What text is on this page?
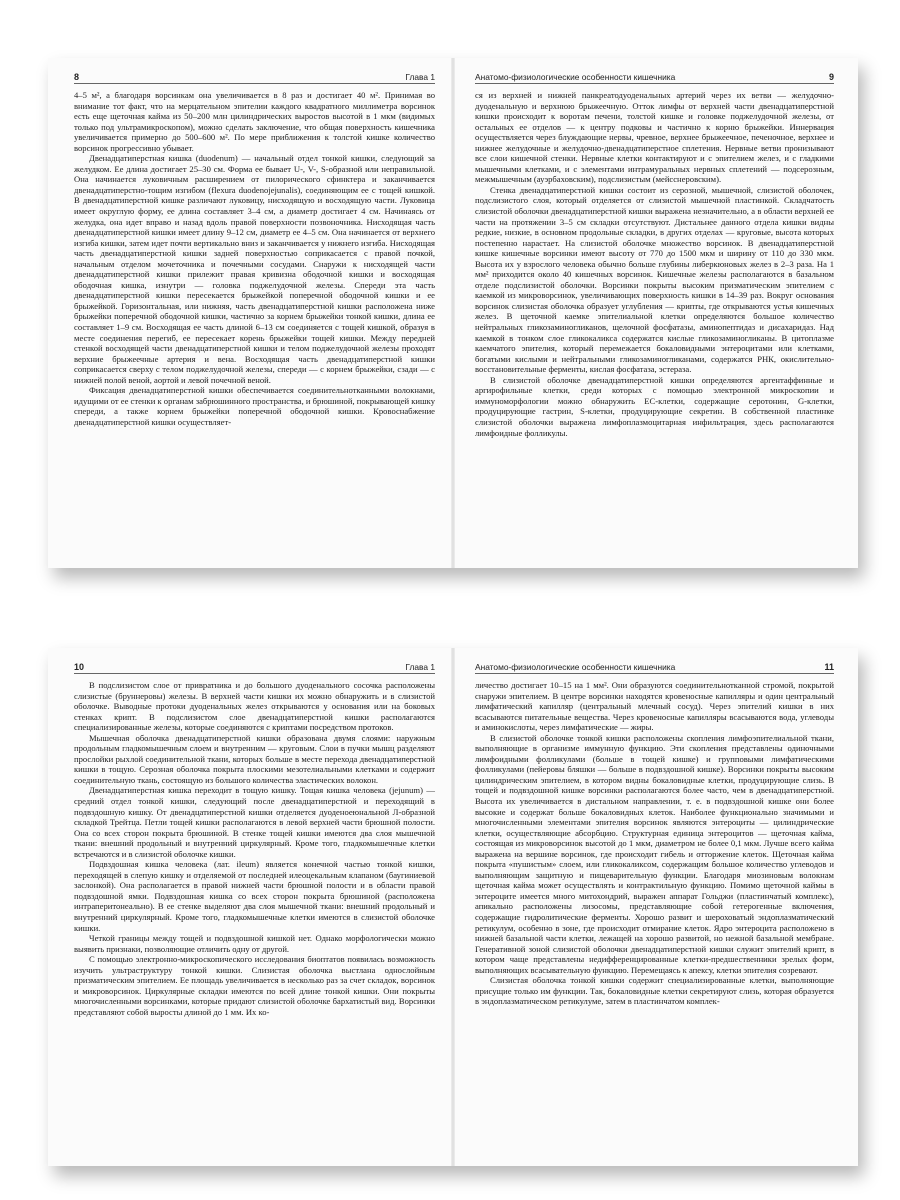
8	Глава 1

4–5 м², а благодаря ворсинкам она увеличивается в 8 раз и достигает 40 м². Принимая во внимание тот факт, что на мерцательном эпителии каждого квадратного миллиметра ворсинок есть еще щеточная кайма из 50–200 млн цилиндрических выростов высотой в 1 мкм (видимых только под ультрамикроскопом), можно сделать заключение, что общая поверхность кишечника увеличивается примерно до 500–600 м². По мере приближения к толстой кишке количество ворсинок прогрессивно убывает.

Двенадцатиперстная кишка (duodenum) — начальный отдел тонкой кишки, следующий за желудком. Ее длина достигает 25–30 см. Форма ее бывает U-, V-, S-образной или неправильной. Она начинается луковичным расширением от пилорического сфинктера и заканчивается двенадцатиперстно-тощим изгибом (flexura duodenojejunalis), соединяющим ее с тощей кишкой. В двенадцатиперстной кишке различают луковицу, нисходящую и восходящую части. Луковица имеет округлую форму, ее длина составляет 3–4 см, а диаметр достигает 4 см. Начинаясь от желудка, она идет вправо и назад вдоль правой поверхности позвоночника. Нисходящая часть двенадцатиперстной кишки имеет длину 9–12 см, диаметр ее 4–5 см. Она начинается от верхнего изгиба кишки, затем идет почти вертикально вниз и заканчивается у нижнего изгиба. Нисходящая часть двенадцатиперстной кишки задней поверхностью соприкасается с правой почкой, начальным отделом мочеточника и почечными сосудами. Снаружи к нисходящей части двенадцатиперстной кишки прилежит правая кривизна ободочной кишки и восходящая ободочная кишка, изнутри — головка поджелудочной железы. Спереди эта часть двенадцатиперстной кишки пересекается брыжейкой поперечной ободочной кишки и ее брыжейкой. Горизонтальная, или нижняя, часть двенадцатиперстной кишки расположена ниже брыжейки поперечной ободочной кишки, частично за корнем брыжейки тонкой кишки, длина ее составляет 1–9 см. Восходящая ее часть длиной 6–13 см соединяется с тощей кишкой, образуя в месте соединения перегиб, ее пересекает корень брыжейки тощей кишки. Между передней стенкой восходящей части двенадцатиперстной кишки и телом поджелудочной железы проходят верхние брыжеечные артерия и вена. Восходящая часть двенадцатиперстной кишки соприкасается сверху с телом поджелудочной железы, спереди — с корнем брыжейки, сзади — с нижней полой веной, аортой и левой почечной веной.

Фиксация двенадцатиперстной кишки обеспечивается соединительнотканными волокнами, идущими от ее стенки к органам забрюшинного пространства, и брюшиной, покрывающей кишку спереди, а также корнем брыжейки поперечной ободочной кишки. Кровоснабжение двенадцатиперстной кишки осуществляет-

Анатомо-физиологические особенности кишечника	9

ся из верхней и нижней панкреатодуоденальных артерий через их ветви — желудочно-дуоденальную и верхнюю брыжеечную. Отток лимфы от верхней части двенадцатиперстной кишки происходит к воротам печени, толстой кишке и головке поджелудочной железы, от остальных ее отделов — к центру подковы и частично к корню брыжейки. Иннервация осуществляется через блуждающие нервы, чревное, верхнее брыжеечное, печеночное, верхнее и нижнее желудочные и желудочно-двенадцатиперстное сплетения. Нервные ветви пронизывают все слои кишечной стенки. Нервные клетки контактируют и с эпителием желез, и с гладкими мышечными клетками, и с элементами интрамуральных нервных сплетений — подсерозным, межмышечным (ауэрбаховским), подслизистым (мейсснеровским).

Стенка двенадцатиперстной кишки состоит из серозной, мышечной, слизистой оболочек, подслизистого слоя, который отделяется от слизистой мышечной пластинкой. Складчатость слизистой оболочки двенадцатиперстной кишки выражена незначительно, а в области верхней ее части на протяжении 3–5 см складки отсутствуют. Дистальнее данного отдела кишки видны редкие, низкие, в основном продольные складки, в других отделах — круговые, высота которых постепенно нарастает. На слизистой оболочке множество ворсинок. В двенадцатиперстной кишке кишечные ворсинки имеют высоту от 770 до 1500 мкм и ширину от 110 до 330 мкм. Высота их у взрослого человека обычно больше глубины либеркюновых желез в 2–3 раза. На 1 мм² приходится около 40 кишечных ворсинок. Кишечные железы располагаются в базальном отделе подслизистой оболочки. Ворсинки покрыты высоким призматическим эпителием с каемкой из микроворсинок, увеличивающих поверхность кишки в 14–39 раз. Вокруг основания ворсинок слизистая оболочка образует углубления — крипты, где открываются устья кишечных желез. В щеточной каемке эпителиальной клетки определяются большое количество нейтральных гликозаминогликанов, щелочной фосфатазы, аминопептидаз и дисахаридаз. Над каемкой в тонком слое гликокаликса содержатся кислые гликозаминогликаны. В цитоплазме каемчатого эпителия, который перемежается бокаловидными энтероцитами или клетками, богатыми кислыми и нейтральными гликозаминогликанами, содержатся РНК, окислительно-восстановительные ферменты, кислая фосфатаза, эстераза.

В слизистой оболочке двенадцатиперстной кишки определяются аргентаффинные и аргирофильные клетки, среди которых с помощью электронной микроскопии и иммуноморфологии можно обнаружить ЕС-клетки, содержащие серотонин, G-клетки, продуцирующие гастрин, S-клетки, продуцирующие секретин. В собственной пластинке слизистой оболочки выражена лимфоплазмоцитарная инфильтрация, здесь располагаются лимфоидные фолликулы.

10	Глава 1

В подслизистом слое от привратника и до большого дуоденального сосочка расположены слизистые (бруннеровы) железы. В верхней части кишки их можно обнаружить и в слизистой оболочке. Выводные протоки дуоденальных желез открываются у основания или на боковых стенках крипт. В подслизистом слое двенадцатиперстной кишки располагаются специализированные железы, которые соединяются с криптами посредством протоков.

Мышечная оболочка двенадцатиперстной кишки образована двумя слоями: наружным продольным гладкомышечным слоем и внутренним — круговым. Слои в пучки мышц разделяют прослойки рыхлой соединительной ткани, которых больше в месте перехода двенадцатиперстной кишки в тощую. Серозная оболочка покрыта плоскими мезотелиальными клетками и содержит соединительную ткань, состоящую из большого количества эластических волокон.

Двенадцатиперстная кишка переходит в тощую кишку. Тощая кишка человека (jejunum) — средний отдел тонкой кишки, следующий после двенадцатиперстной и переходящий в подвздошную кишку. От двенадцатиперстной кишки отделяется дуоденоеюнальной Л-образной складкой Трейтца. Петли тощей кишки располагаются в левой верхней части брюшной полости. Она со всех сторон покрыта брюшиной. В стенке тощей кишки имеются два слоя мышечной ткани: внешний продольный и внутренний циркулярный. Кроме того, гладкомышечные клетки встречаются и в слизистой оболочке кишки.

Подвздошная кишка человека (лат. ileum) является конечной частью тонкой кишки, переходящей в слепую кишку и отделяемой от последней илеоцекальным клапаном (баугиниевой заслонкой). Она располагается в правой нижней части брюшной полости и в области правой подвздошной ямки. Подвздошная кишка со всех сторон покрыта брюшиной (расположена интраперитонеально). В ее стенке выделяют два слоя мышечной ткани: внешний продольный и внутренний циркулярный. Кроме того, гладкомышечные клетки имеются в слизистой оболочке кишки.

Четкой границы между тощей и подвздошной кишкой нет. Однако морфологически можно выявить признаки, позволяющие отличить одну от другой.

С помощью электронно-микроскопического исследования биоптатов появилась возможность изучить ультраструктуру тонкой кишки. Слизистая оболочка выстлана однослойным призматическим эпителием. Ее площадь увеличивается в несколько раз за счет складок, ворсинок и микроворсинок. Циркулярные складки имеются по всей длине тонкой кишки. Они покрыты многочисленными ворсинками, которые придают слизистой оболочке бархатистый вид. Ворсинки представляют собой выросты длиной до 1 мм. Их ко-

Анатомо-физиологические особенности кишечника	11

личество достигает 10–15 на 1 мм². Они образуются соединительнотканной стромой, покрытой снаружи эпителием. В центре ворсинки находятся кровеносные капилляры и один центральный лимфатический капилляр (центральный млечный сосуд). Через эпителий кишки в них всасываются питательные вещества. Через кровеносные капилляры всасываются вода, углеводы и аминокислоты, через лимфатические — жиры.

В слизистой оболочке тонкой кишки расположены скопления лимфоэпителиальной ткани, выполняющие в организме иммунную функцию. Эти скопления представлены одиночными лимфоидными фолликулами (больше в тощей кишке) и групповыми лимфатическими фолликулами (пейеровы бляшки — больше в подвздошной кишке). Ворсинки покрыты высоким цилиндрическим эпителием, в котором видны бокаловидные клетки, продуцирующие слизь. В тощей и подвздошной кишке ворсинки располагаются более часто, чем в двенадцатиперстной. Высота их увеличивается в дистальном направлении, т. е. в подвздошной кишке они более высокие и содержат больше бокаловидных клеток. Наиболее функционально значимыми и многочисленными элементами эпителия ворсинок являются энтероциты — цилиндрические клетки, осуществляющие абсорбцию. Структурная единица энтероцитов — щеточная кайма, состоящая из микроворсинок высотой до 1 мкм, диаметром не более 0,1 мкм. Лучше всего кайма выражена на вершине ворсинок, где происходит гибель и отторжение клеток. Щеточная кайма покрыта «пушистым» слоем, или гликокаликсом, содержащим большое количество углеводов и выполняющим защитную и пищеварительную функции. Благодаря миозиновым волокнам щеточная кайма может осуществлять и контрактильную функцию. Помимо щеточной каймы в энтероците имеется много митохондрий, выражен аппарат Гольджи (пластинчатый комплекс), апикально расположены лизосомы, представляющие собой гетерогенные включения, содержащие гидролитические ферменты. Хорошо развит и шероховатый эндоплазматический ретикулум, особенно в зоне, где происходит отмирание клеток. Ядро энтероцита расположено в нижней базальной части клетки, лежащей на хорошо развитой, но нежной базальной мембране. Генеративной зоной слизистой оболочки двенадцатиперстной кишки служит эпителий крипт, в котором чаще представлены недифференцированные клетки-предшественники зрелых форм, выполняющих всасывательную функцию. Перемещаясь к апексу, клетки эпителия созревают.

Слизистая оболочка тонкой кишки содержит специализированные клетки, выполняющие присущие только им функции. Так, бокаловидные клетки секретируют слизь, которая образуется в эндоплазматическом ретикулуме, затем в пластинчатом комплек-
